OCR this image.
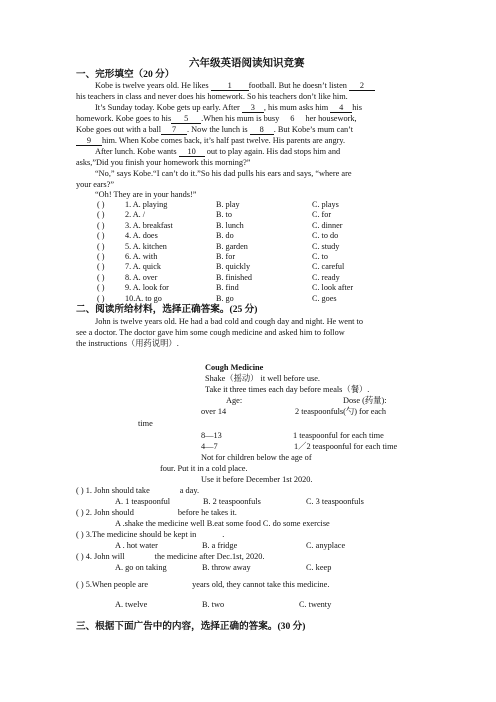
六年级英语阅读知识竞赛
一、完形填空（20 分）
Kobe is twelve years old. He likes 1 football. But he doesn’t listen 2
his teachers in class and never does his homework. So his teachers don’t like him.
It’s Sunday today. Kobe gets up early. After 3 , his mum asks him 4 his
homework. Kobe goes to his 5 .When his mum is busy 6 her housework,
Kobe goes out with a ball 7 . Now the lunch is 8 . But Kobe’s mum can’t
9 him. When Kobe comes back, it’s half past twelve. His parents are angry.
After lunch. Kobe wants 10 out to play again. His dad stops him and
asks,”Did you finish your homework this morning?”
“No,” says Kobe.“I can’t do it.”So his dad pulls his ears and says, “where are
your ears?”
“Oh! They are in your hands!”
( )	1. A. playing	B. play	C. plays
( )	2. A. /	B. to	C. for
( )	3. A. breakfast	B. lunch	C. dinner
( )	4. A. does	B. do	C. to do
( )	5. A. kitchen	B. garden	C. study
( )	6. A. with	B. for	C. to
( )	7. A. quick	B. quickly	C. careful
( )	8. A. over	B. finished	C. ready
( )	9. A. look for	B. find	C. look after
( )	10.A. to go	B. go	C. goes
二、阅读所给材料，选择正确答案。(25 分)
John is twelve years old. He had a bad cold and cough day and night. He went to
see a doctor. The doctor gave him some cough medicine and asked him to follow
the instructions（用药说明）.
Cough Medicine
Shake（摇动） it well before use.
Take it three times each day before meals（餐）.
Age:	Dose (药量):
over 14	2 teaspoonfuls(勺) for each
time
8—13	1 teaspoonful for each time
4—7	1／2 teaspoonful for each time
Not for children below the age of
four. Put it in a cold place.
Use it before December 1st 2020.
( ) 1. John should take	a day.
A. 1 teaspoonful	B. 2 teaspoonfuls	C. 3 teaspoonfuls
( ) 2. John should	before he takes it.
A .shake the medicine well B.eat some food C. do some exercise
( ) 3.The medicine should be kept in	.
A . hot water	B. a fridge	C. anyplace
( ) 4. John will	the medicine after Dec.1st, 2020.
A. go on taking	B. throw away	C. keep
( ) 5.When people are	years old, they cannot take this medicine.
A. twelve	B. two	C. twenty
三、根据下面广告中的内容，选择正确的答案。(30 分)
